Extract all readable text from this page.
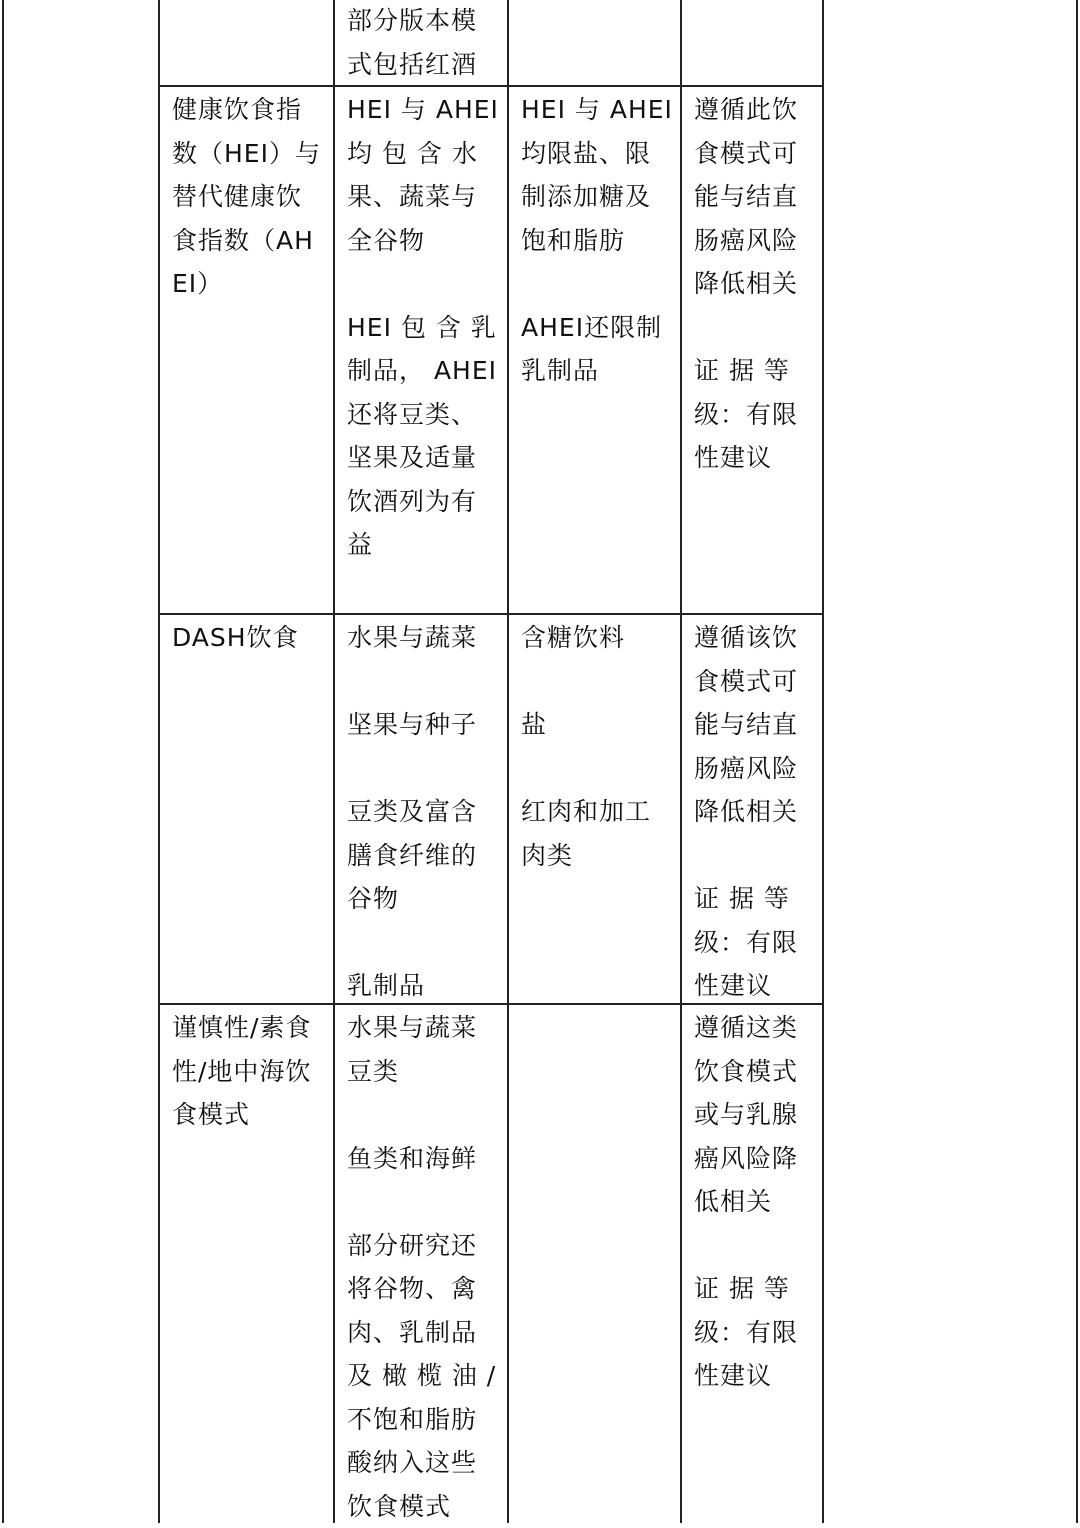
部分版本模
式包括红酒
健康饮食指
数（HEI）与
替代健康饮
食指数（AH
EI）
HEI 与 AHEI
均 包 含 水
果、蔬菜与
全谷物
HEI 包 含 乳
制品， AHEI
还将豆类、
坚果及适量
饮酒列为有
益
HEI 与 AHEI
均限盐、限
制添加糖及
饱和脂肪
AHEI还限制
乳制品
遵循此饮
食模式可
能与结直
肠癌风险
降低相关
证 据 等
级：有限
性建议
DASH饮食 水果与蔬菜
坚果与种子
豆类及富含
膳食纤维的
谷物
乳制品
含糖饮料
盐
红肉和加工
肉类
遵循该饮
食模式可
能与结直
肠癌风险
降低相关
证 据 等
级：有限
性建议
谨慎性/素食
性/地中海饮
食模式
水果与蔬菜
豆类
鱼类和海鲜
部分研究还
将谷物、禽
肉、乳制品
及 橄 榄 油 /
不饱和脂肪
酸纳入这些
饮食模式
遵循这类
饮食模式
或与乳腺
癌风险降
低相关
证 据 等
级：有限
性建议
